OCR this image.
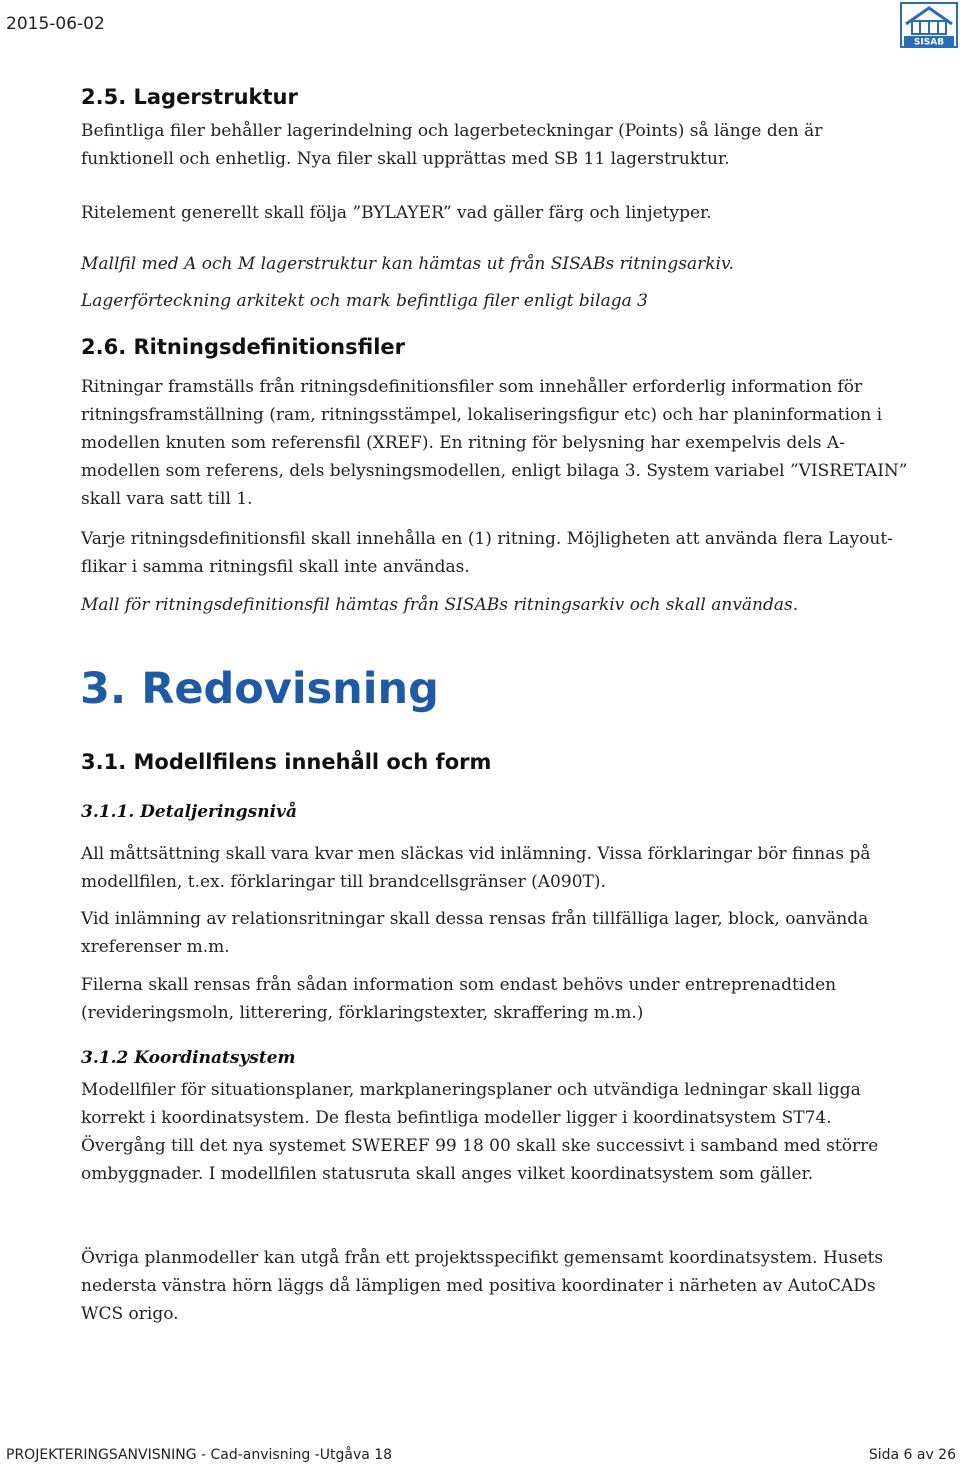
2015-06-02
SISAB
2.5. Lagerstruktur
Befintliga filer behåller lagerindelning och lagerbeteckningar (Points) så länge den är funktionell och enhetlig. Nya filer skall upprättas med SB 11 lagerstruktur.
Ritelement generellt skall följa ”BYLAYER” vad gäller färg och linjetyper.
Mallfil med A och M lagerstruktur kan hämtas ut från SISABs ritningsarkiv.
Lagerförteckning arkitekt och mark befintliga filer enligt bilaga 3
2.6. Ritningsdefinitionsfiler
Ritningar framställs från ritningsdefinitionsfiler som innehåller erforderlig information för ritningsframställning (ram, ritningsstämpel, lokaliseringsfigur etc) och har planinformation i modellen knuten som referensfil (XREF). En ritning för belysning har exempelvis dels A-modellen som referens, dels belysningsmodellen, enligt bilaga 3. System variabel ”VISRETAIN” skall vara satt till 1.
Varje ritningsdefinitionsfil skall innehålla en (1) ritning. Möjligheten att använda flera Layout-flikar i samma ritningsfil skall inte användas.
Mall för ritningsdefinitionsfil hämtas från SISABs ritningsarkiv och skall användas.
3. Redovisning
3.1. Modellfilens innehåll och form
3.1.1. Detaljeringsnivå
All måttsättning skall vara kvar men släckas vid inlämning. Vissa förklaringar bör finnas på modellfilen, t.ex. förklaringar till brandcellsgränser (A090T).
Vid inlämning av relationsritningar skall dessa rensas från tillfälliga lager, block, oanvända xreferenser m.m.
Filerna skall rensas från sådan information som endast behövs under entreprenadtiden (revideringsmoln, litterering, förklaringstexter, skraffering m.m.)
3.1.2 Koordinatsystem
Modellfiler för situationsplaner, markplaneringsplaner och utvändiga ledningar skall ligga korrekt i koordinatsystem. De flesta befintliga modeller ligger i koordinatsystem ST74. Övergång till det nya systemet SWEREF 99 18 00 skall ske successivt i samband med större ombyggnader. I modellfilen statusruta skall anges vilket koordinatsystem som gäller.
Övriga planmodeller kan utgå från ett projektsspecifikt gemensamt koordinatsystem. Husets nedersta vänstra hörn läggs då lämpligen med positiva koordinater i närheten av AutoCADs WCS origo.
PROJEKTERINGSANVISNING - Cad-anvisning -Utgåva 18	Sida 6 av 26
